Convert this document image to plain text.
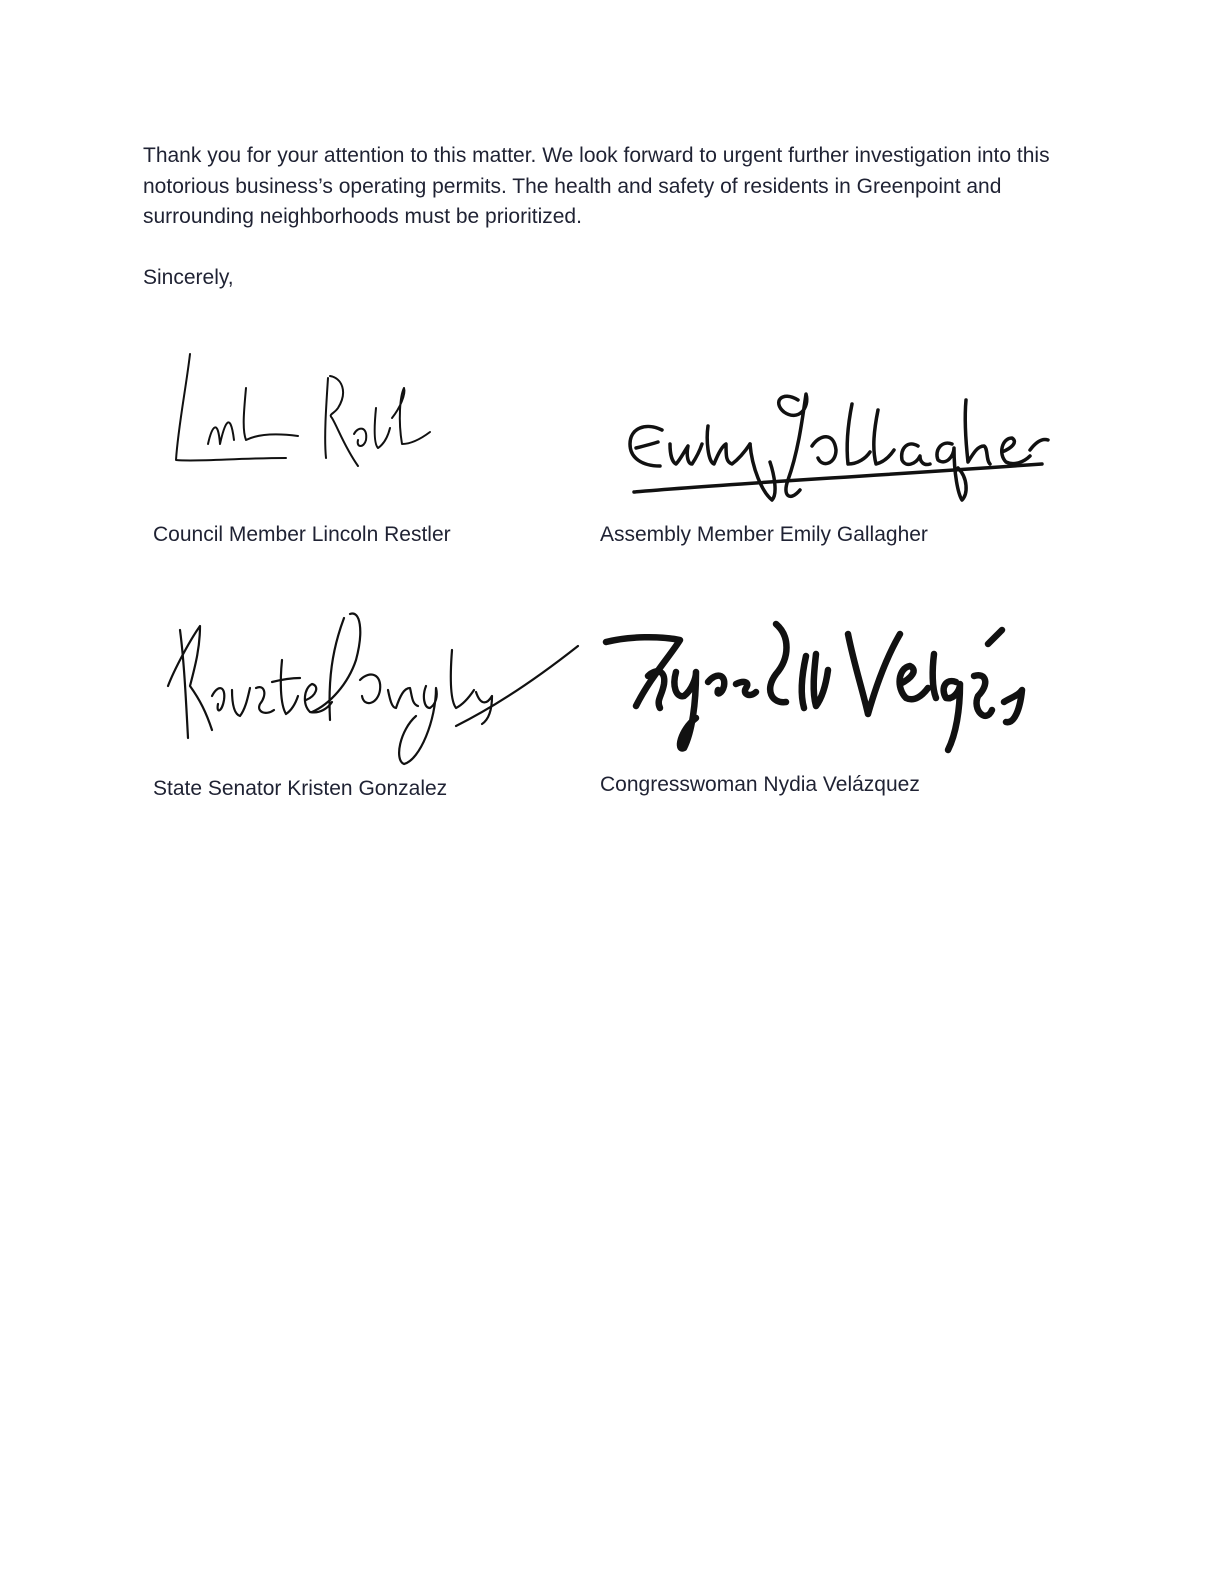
Thank you for your attention to this matter. We look forward to urgent further investigation into this notorious business’s operating permits. The health and safety of residents in Greenpoint and surrounding neighborhoods must be prioritized.

Sincerely,

Council Member Lincoln Restler	Assembly Member Emily Gallagher
State Senator Kristen Gonzalez	Congresswoman Nydia Velázquez
